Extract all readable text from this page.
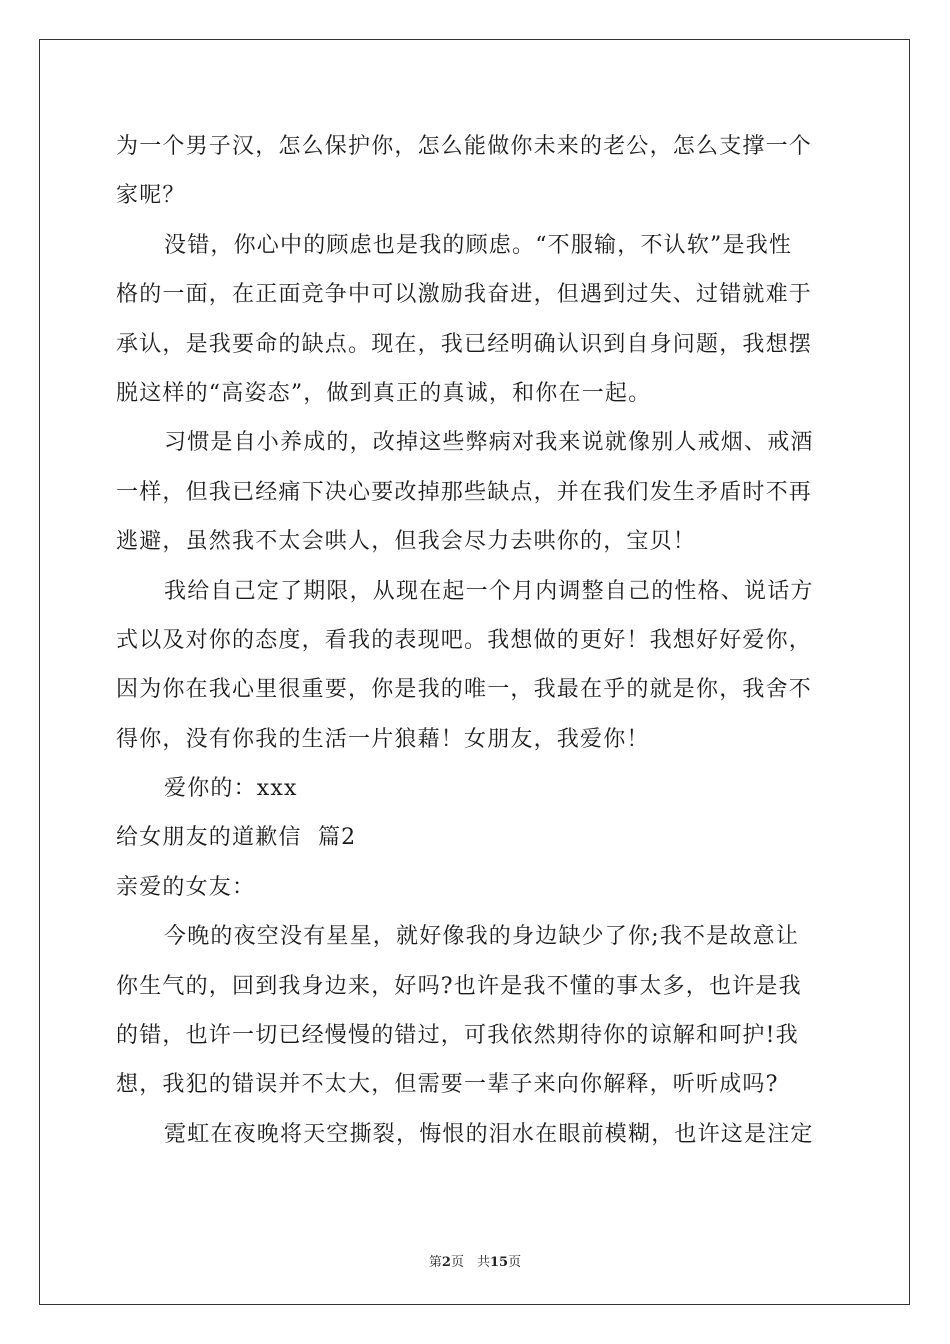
为一个男子汉，怎么保护你，怎么能做你未来的老公，怎么支撑一个
家呢？
没错，你心中的顾虑也是我的顾虑。“不服输，不认软”是我性
格的一面，在正面竞争中可以激励我奋进，但遇到过失、过错就难于
承认，是我要命的缺点。现在，我已经明确认识到自身问题，我想摆
脱这样的“高姿态”，做到真正的真诚，和你在一起。
习惯是自小养成的，改掉这些弊病对我来说就像别人戒烟、戒酒
一样，但我已经痛下决心要改掉那些缺点，并在我们发生矛盾时不再
逃避，虽然我不太会哄人，但我会尽力去哄你的，宝贝！
我给自己定了期限，从现在起一个月内调整自己的性格、说话方
式以及对你的态度，看我的表现吧。我想做的更好！我想好好爱你，
因为你在我心里很重要，你是我的唯一，我最在乎的就是你，我舍不
得你，没有你我的生活一片狼藉！女朋友，我爱你！
爱你的：xxx
给女朋友的道歉信  篇2
亲爱的女友：
今晚的夜空没有星星，就好像我的身边缺少了你;我不是故意让
你生气的，回到我身边来，好吗?也许是我不懂的事太多，也许是我
的错，也许一切已经慢慢的错过，可我依然期待你的谅解和呵护!我
想，我犯的错误并不太大，但需要一辈子来向你解释，听听成吗?
霓虹在夜晚将天空撕裂，悔恨的泪水在眼前模糊，也许这是注定
第2页　共15页
